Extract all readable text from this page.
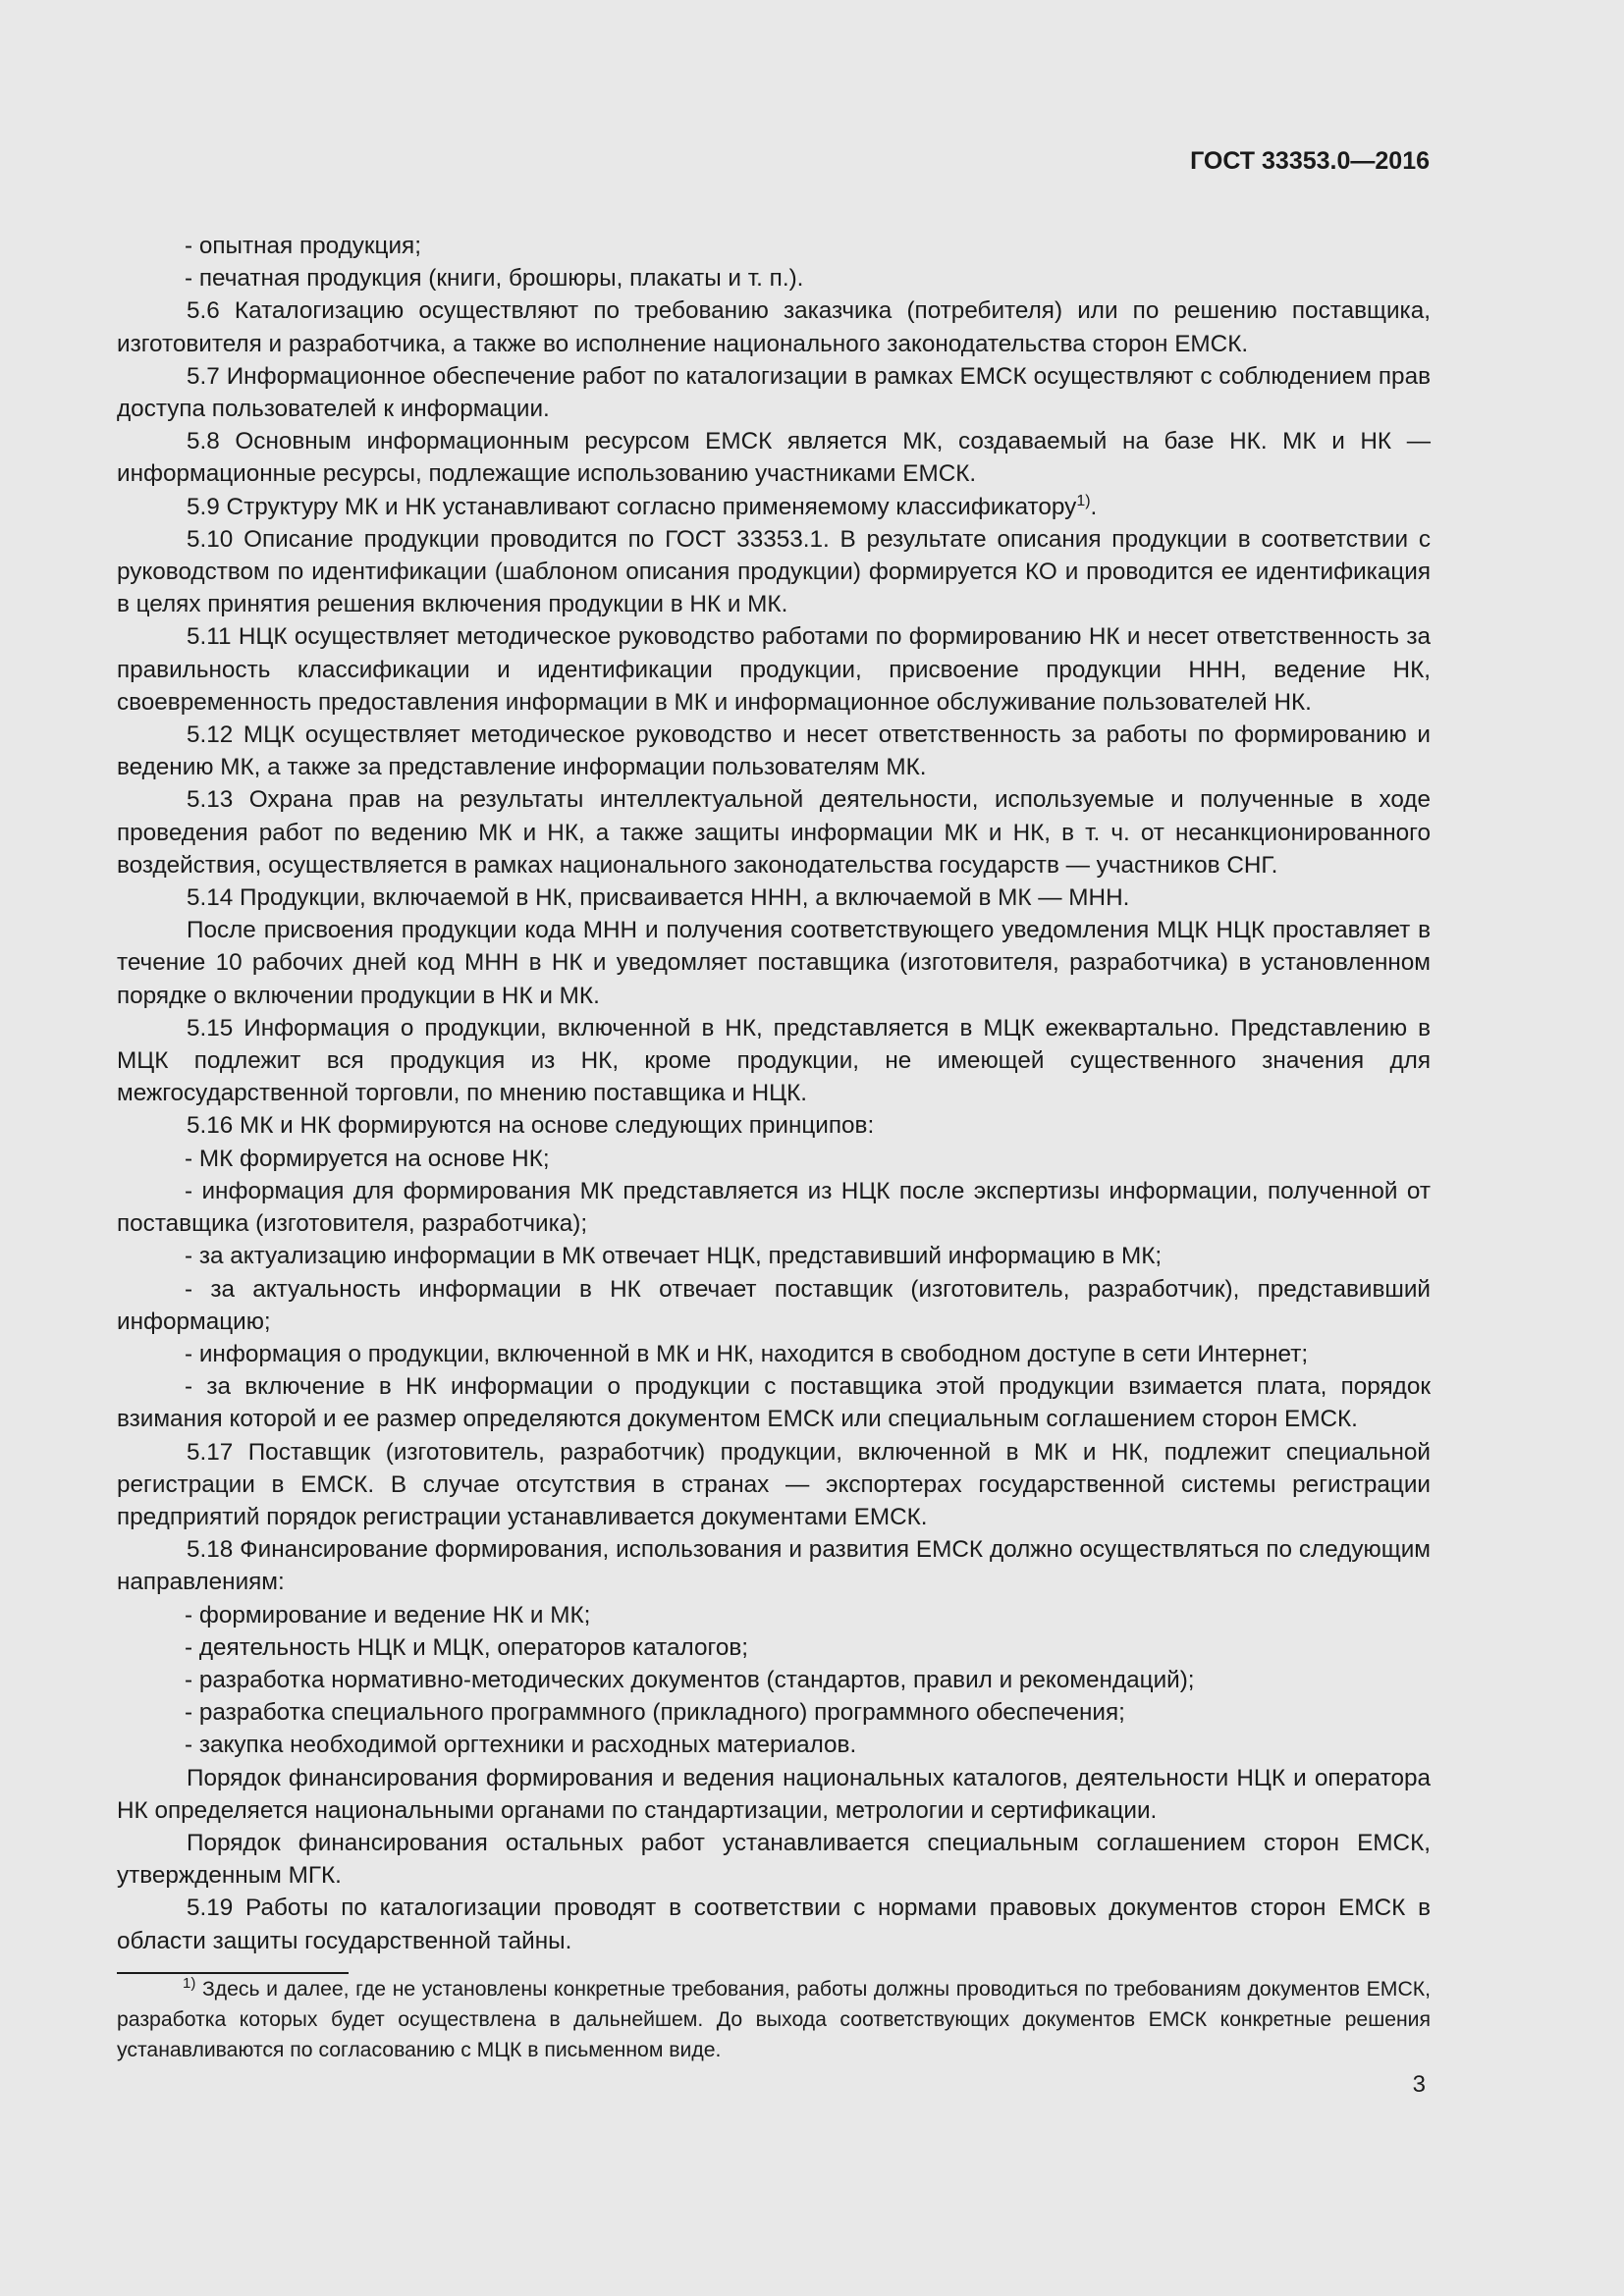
ГОСТ 33353.0—2016

- опытная продукция;

- печатная продукция (книги, брошюры, плакаты и т. п.).

5.6 Каталогизацию осуществляют по требованию заказчика (потребителя) или по решению поставщика, изготовителя и разработчика, а также во исполнение национального законодательства сторон ЕМСК.

5.7 Информационное обеспечение работ по каталогизации в рамках ЕМСК осуществляют с соблюдением прав доступа пользователей к информации.

5.8 Основным информационным ресурсом ЕМСК является МК, создаваемый на базе НК. МК и НК — информационные ресурсы, подлежащие использованию участниками ЕМСК.

5.9 Структуру МК и НК устанавливают согласно применяемому классификатору$^{1)}$.

5.10 Описание продукции проводится по ГОСТ 33353.1. В результате описания продукции в соответствии с руководством по идентификации (шаблоном описания продукции) формируется КО и проводится ее идентификация в целях принятия решения включения продукции в НК и МК.

5.11 НЦК осуществляет методическое руководство работами по формированию НК и несет ответственность за правильность классификации и идентификации продукции, присвоение продукции ННН, ведение НК, своевременность предоставления информации в МК и информационное обслуживание пользователей НК.

5.12 МЦК осуществляет методическое руководство и несет ответственность за работы по формированию и ведению МК, а также за представление информации пользователям МК.

5.13 Охрана прав на результаты интеллектуальной деятельности, используемые и полученные в ходе проведения работ по ведению МК и НК, а также защиты информации МК и НК, в т. ч. от несанкционированного воздействия, осуществляется в рамках национального законодательства государств — участников СНГ.

5.14 Продукции, включаемой в НК, присваивается ННН, а включаемой в МК — МНН.

После присвоения продукции кода МНН и получения соответствующего уведомления МЦК НЦК проставляет в течение 10 рабочих дней код МНН в НК и уведомляет поставщика (изготовителя, разработчика) в установленном порядке о включении продукции в НК и МК.

5.15 Информация о продукции, включенной в НК, представляется в МЦК ежеквартально. Представлению в МЦК подлежит вся продукция из НК, кроме продукции, не имеющей существенного значения для межгосударственной торговли, по мнению поставщика и НЦК.

5.16 МК и НК формируются на основе следующих принципов:

- МК формируется на основе НК;

- информация для формирования МК представляется из НЦК после экспертизы информации, полученной от поставщика (изготовителя, разработчика);

- за актуализацию информации в МК отвечает НЦК, представивший информацию в МК;

- за актуальность информации в НК отвечает поставщик (изготовитель, разработчик), представивший информацию;

- информация о продукции, включенной в МК и НК, находится в свободном доступе в сети Интернет;

- за включение в НК информации о продукции с поставщика этой продукции взимается плата, порядок взимания которой и ее размер определяются документом ЕМСК или специальным соглашением сторон ЕМСК.

5.17 Поставщик (изготовитель, разработчик) продукции, включенной в МК и НК, подлежит специальной регистрации в ЕМСК. В случае отсутствия в странах — экспортерах государственной системы регистрации предприятий порядок регистрации устанавливается документами ЕМСК.

5.18 Финансирование формирования, использования и развития ЕМСК должно осуществляться по следующим направлениям:

- формирование и ведение НК и МК;

- деятельность НЦК и МЦК, операторов каталогов;

- разработка нормативно-методических документов (стандартов, правил и рекомендаций);

- разработка специального программного (прикладного) программного обеспечения;

- закупка необходимой оргтехники и расходных материалов.

Порядок финансирования формирования и ведения национальных каталогов, деятельности НЦК и оператора НК определяется национальными органами по стандартизации, метрологии и сертификации.

Порядок финансирования остальных работ устанавливается специальным соглашением сторон ЕМСК, утвержденным МГК.

5.19 Работы по каталогизации проводят в соответствии с нормами правовых документов сторон ЕМСК в области защиты государственной тайны.

$^{1)}$ Здесь и далее, где не установлены конкретные требования, работы должны проводиться по требованиям документов ЕМСК, разработка которых будет осуществлена в дальнейшем. До выхода соответствующих документов ЕМСК конкретные решения устанавливаются по согласованию с МЦК в письменном виде.

3
